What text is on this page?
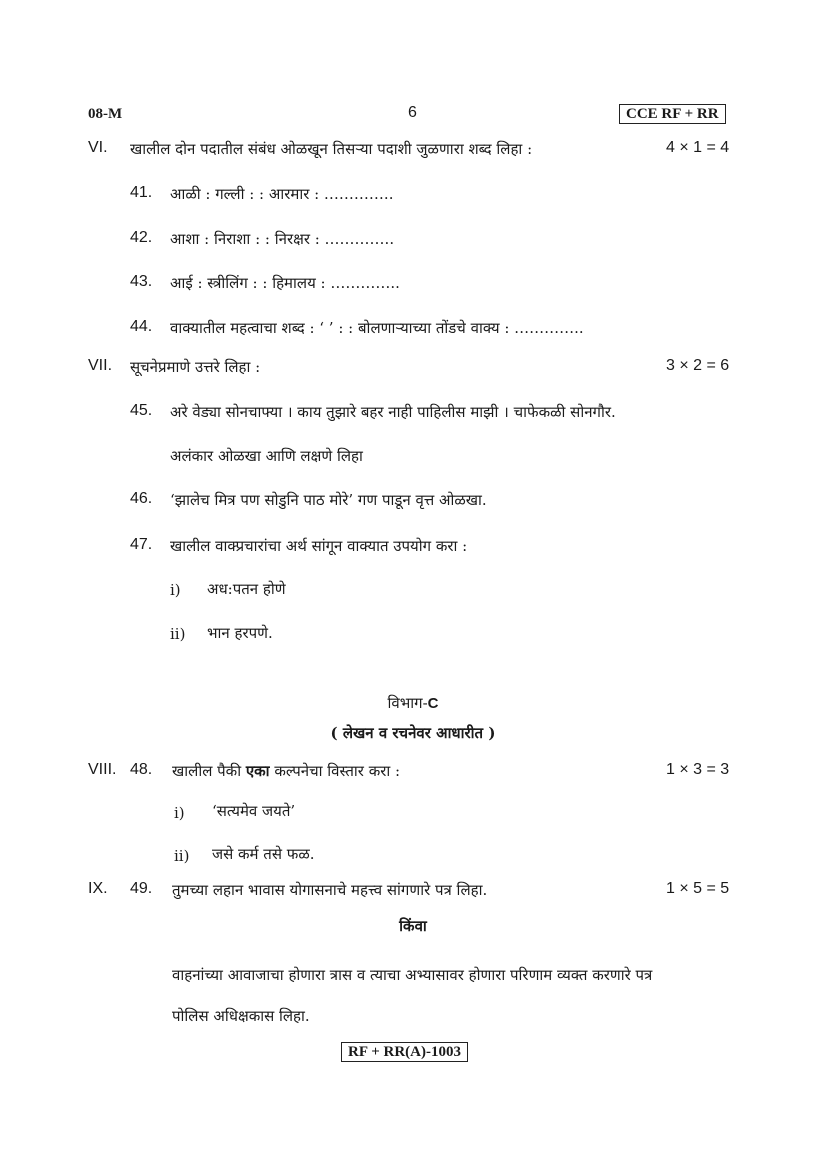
08-M	6	CCE RF + RR
VI. खालील दोन पदातील संबंध ओळखून तिसऱ्या पदाशी जुळणारा शब्द लिहा :	4 × 1 = 4
41. आळी : गल्ली : : आरमार : …………..
42. आशा : निराशा : : निरक्षर : …………..
43. आई : स्त्रीलिंग : : हिमालय : …………..
44. वाक्यातील महत्वाचा शब्द : ‘ ’ : : बोलणाऱ्याच्या तोंडचे वाक्य : …………..
VII. सूचनेप्रमाणे उत्तरे लिहा :	3 × 2 = 6
45. अरे वेड्या सोनचाफ्या । काय तुझारे बहर नाही पाहिलीस माझी । चाफेकळी सोनगौर.
अलंकार ओळखा आणि लक्षणे लिहा
46. ‘झालेच मित्र पण सोडुनि पाठ मोरे’ गण पाडून वृत्त ओळखा.
47. खालील वाक्प्रचारांचा अर्थ सांगून वाक्यात उपयोग करा :
i) अध:पतन होणे
ii) भान हरपणे.
विभाग-C
( लेखन व रचनेवर आधारीत )
VIII. 48. खालील पैकी एका कल्पनेचा विस्तार करा :	1 × 3 = 3
i) ‘सत्यमेव जयते’
ii) जसे कर्म तसे फळ.
IX. 49. तुमच्या लहान भावास योगासनाचे महत्त्व सांगणारे पत्र लिहा.	1 × 5 = 5
किंवा
वाहनांच्या आवाजाचा होणारा त्रास व त्याचा अभ्यासावर होणारा परिणाम व्यक्त करणारे पत्र
पोलिस अधिक्षकास लिहा.
RF + RR(A)-1003
